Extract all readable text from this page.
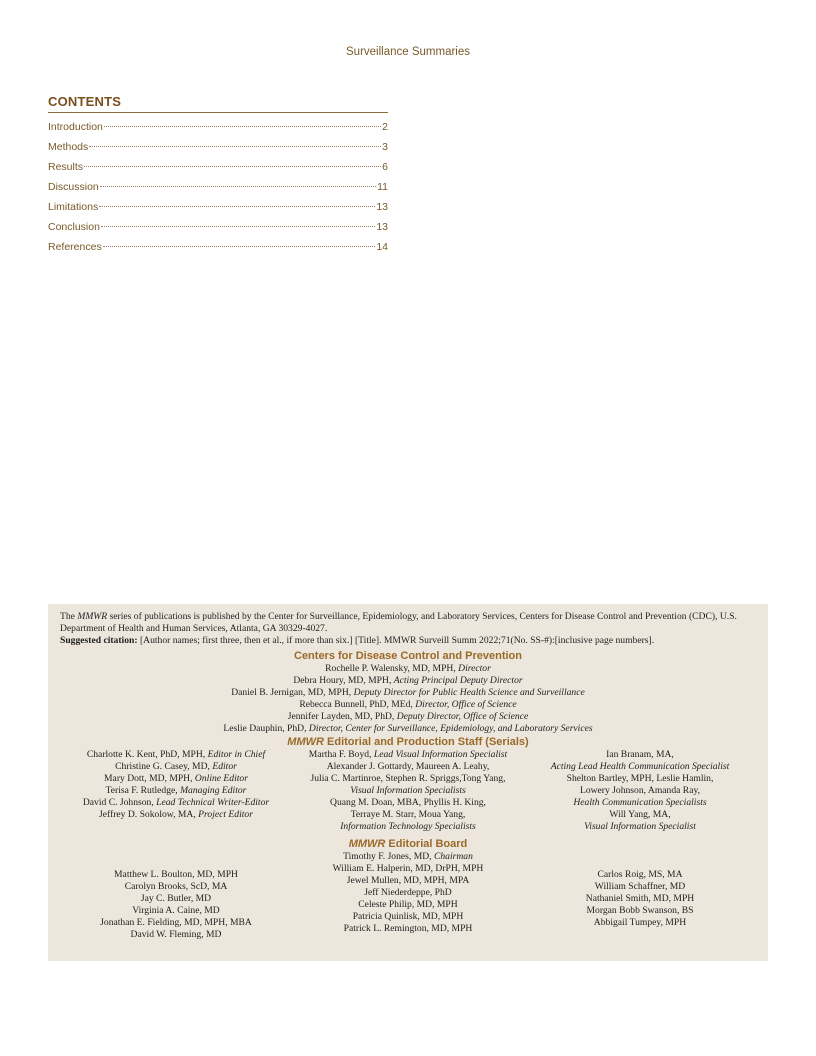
Surveillance Summaries
CONTENTS
Introduction	2
Methods	3
Results	6
Discussion	11
Limitations	13
Conclusion	13
References	14

The MMWR series of publications is published by the Center for Surveillance, Epidemiology, and Laboratory Services, Centers for Disease Control and Prevention (CDC), U.S. Department of Health and Human Services, Atlanta, GA 30329-4027.

Suggested citation: [Author names; first three, then et al., if more than six.] [Title]. MMWR Surveill Summ 2022;71(No. SS-#):[inclusive page numbers].

Centers for Disease Control and Prevention
Rochelle P. Walensky, MD, MPH, Director
Debra Houry, MD, MPH, Acting Principal Deputy Director
Daniel B. Jernigan, MD, MPH, Deputy Director for Public Health Science and Surveillance
Rebecca Bunnell, PhD, MEd, Director, Office of Science
Jennifer Layden, MD, PhD, Deputy Director, Office of Science
Leslie Dauphin, PhD, Director, Center for Surveillance, Epidemiology, and Laboratory Services
MMWR Editorial and Production Staff (Serials)
Charlotte K. Kent, PhD, MPH, Editor in Chief
Christine G. Casey, MD, Editor
Mary Dott, MD, MPH, Online Editor
Terisa F. Rutledge, Managing Editor
David C. Johnson, Lead Technical Writer-Editor
Jeffrey D. Sokolow, MA, Project Editor
Martha F. Boyd, Lead Visual Information Specialist
Alexander J. Gottardy, Maureen A. Leahy,
Julia C. Martinroe, Stephen R. Spriggs,Tong Yang,
Visual Information Specialists
Quang M. Doan, MBA, Phyllis H. King,
Terraye M. Starr, Moua Yang,
Information Technology Specialists
Ian Branam, MA,
Acting Lead Health Communication Specialist
Shelton Bartley, MPH, Leslie Hamlin,
Lowery Johnson, Amanda Ray,
Health Communication Specialists
Will Yang, MA,
Visual Information Specialist
MMWR Editorial Board
Timothy F. Jones, MD, Chairman
Matthew L. Boulton, MD, MPH
Carolyn Brooks, ScD, MA
Jay C. Butler, MD
Virginia A. Caine, MD
Jonathan E. Fielding, MD, MPH, MBA
David W. Fleming, MD
William E. Halperin, MD, DrPH, MPH
Jewel Mullen, MD, MPH, MPA
Jeff Niederdeppe, PhD
Celeste Philip, MD, MPH
Patricia Quinlisk, MD, MPH
Patrick L. Remington, MD, MPH
Carlos Roig, MS, MA
William Schaffner, MD
Nathaniel Smith, MD, MPH
Morgan Bobb Swanson, BS
Abbigail Tumpey, MPH
